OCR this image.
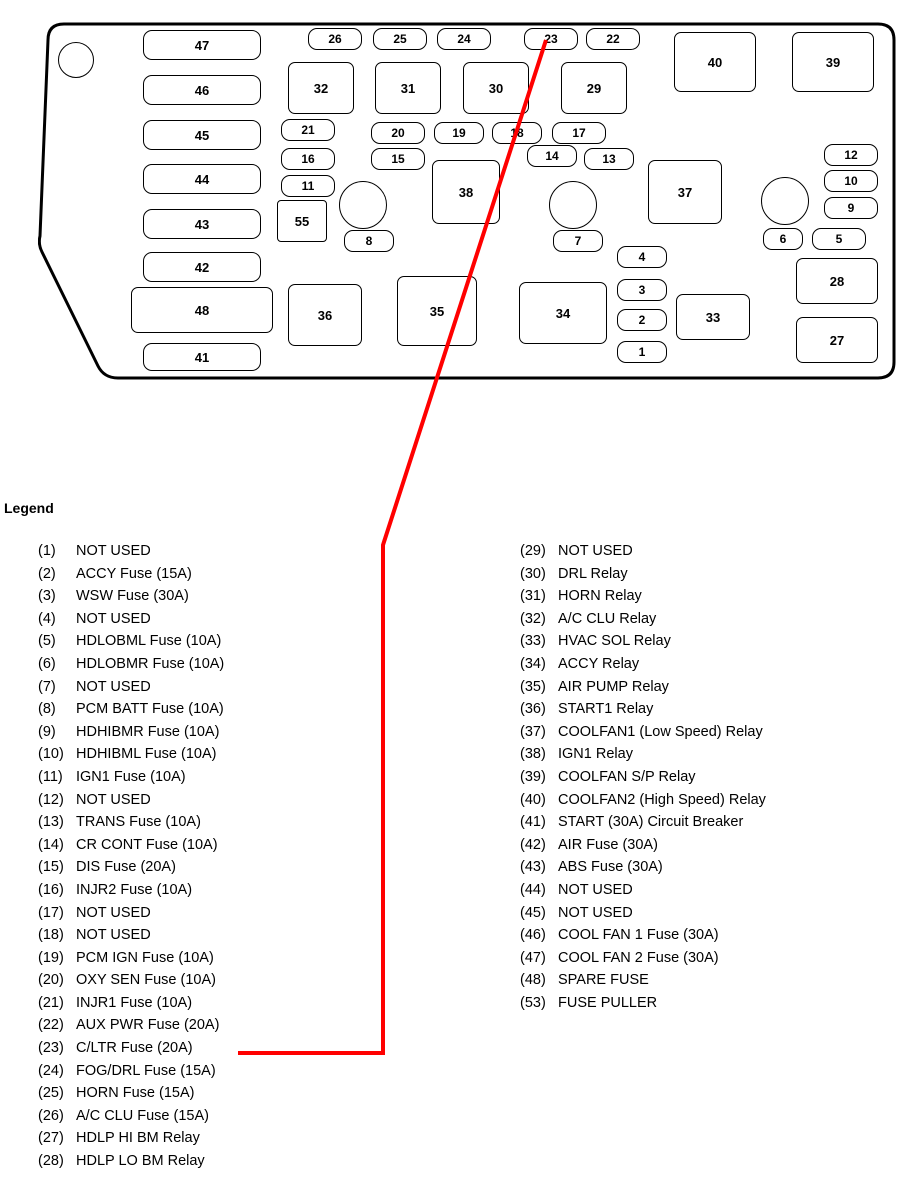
47
46
45
44
43
42
48
41
26	25	24	23	22
32	31	30	29
40	39
21	20	19	18	17
16	15	14	13	12
11	10
9
55
38	37
8	7	6	5
4
3
2
1
28
27
36	35	34	33
Legend
(1)	NOT USED
(2)	ACCY Fuse (15A)
(3)	WSW Fuse (30A)
(4)	NOT USED
(5)	HDLOBML Fuse (10A)
(6)	HDLOBMR Fuse (10A)
(7)	NOT USED
(8)	PCM BATT Fuse (10A)
(9)	HDHIBMR Fuse (10A)
(10) HDHIBML Fuse (10A)
(11) IGN1 Fuse (10A)
(12) NOT USED
(13) TRANS Fuse (10A)
(14) CR CONT Fuse (10A)
(15) DIS Fuse (20A)
(16) INJR2 Fuse (10A)
(17) NOT USED
(18) NOT USED
(19) PCM IGN Fuse (10A)
(20) OXY SEN Fuse (10A)
(21) INJR1 Fuse (10A)
(22) AUX PWR Fuse (20A)
(23) C/LTR Fuse (20A)
(24) FOG/DRL Fuse (15A)
(25) HORN Fuse (15A)
(26) A/C CLU Fuse (15A)
(27) HDLP HI BM Relay
(28) HDLP LO BM Relay
(29) NOT USED
(30) DRL Relay
(31) HORN Relay
(32) A/C CLU Relay
(33) HVAC SOL Relay
(34) ACCY Relay
(35) AIR PUMP Relay
(36) START1 Relay
(37) COOLFAN1 (Low Speed) Relay
(38) IGN1 Relay
(39) COOLFAN S/P Relay
(40) COOLFAN2 (High Speed) Relay
(41) START (30A) Circuit Breaker
(42) AIR Fuse (30A)
(43) ABS Fuse (30A)
(44) NOT USED
(45) NOT USED
(46) COOL FAN 1 Fuse (30A)
(47) COOL FAN 2 Fuse (30A)
(48) SPARE FUSE
(53) FUSE PULLER
